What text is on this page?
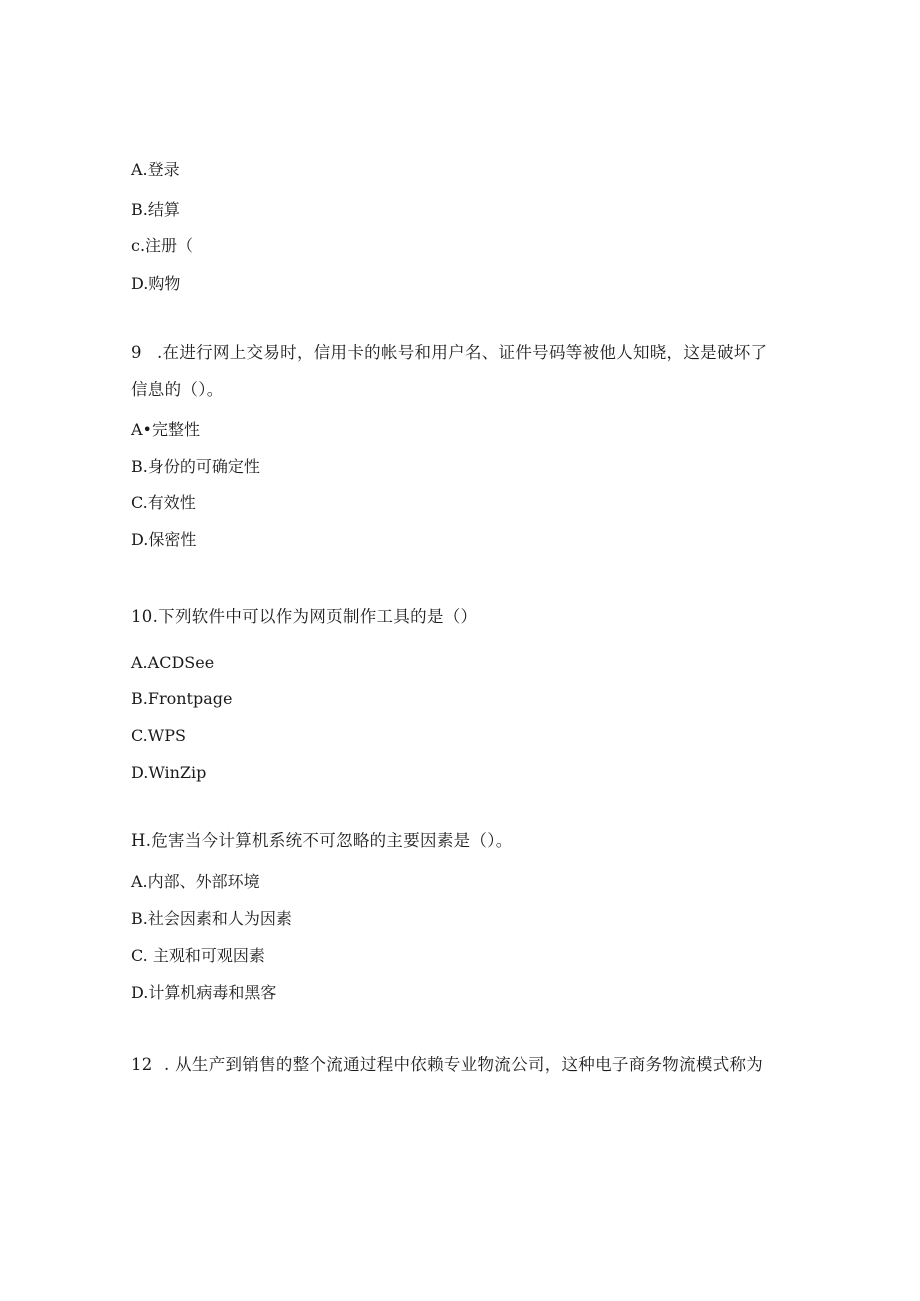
A.登录
B.结算
c.注册（
D.购物
9 .在进行网上交易时，信用卡的帐号和用户名、证件号码等被他人知晓，这是破坏了
信息的（）。
A•完整性
B.身份的可确定性
C.有效性
D.保密性
10.下列软件中可以作为网页制作工具的是（）
A.ACDSee
B.Frontpage
C.WPS
D.WinZip
H.危害当今计算机系统不可忽略的主要因素是（）。
A.内部、外部环境
B.社会因素和人为因素
C. 主观和可观因素
D.计算机病毒和黑客
12 . 从生产到销售的整个流通过程中依赖专业物流公司，这种电子商务物流模式称为
